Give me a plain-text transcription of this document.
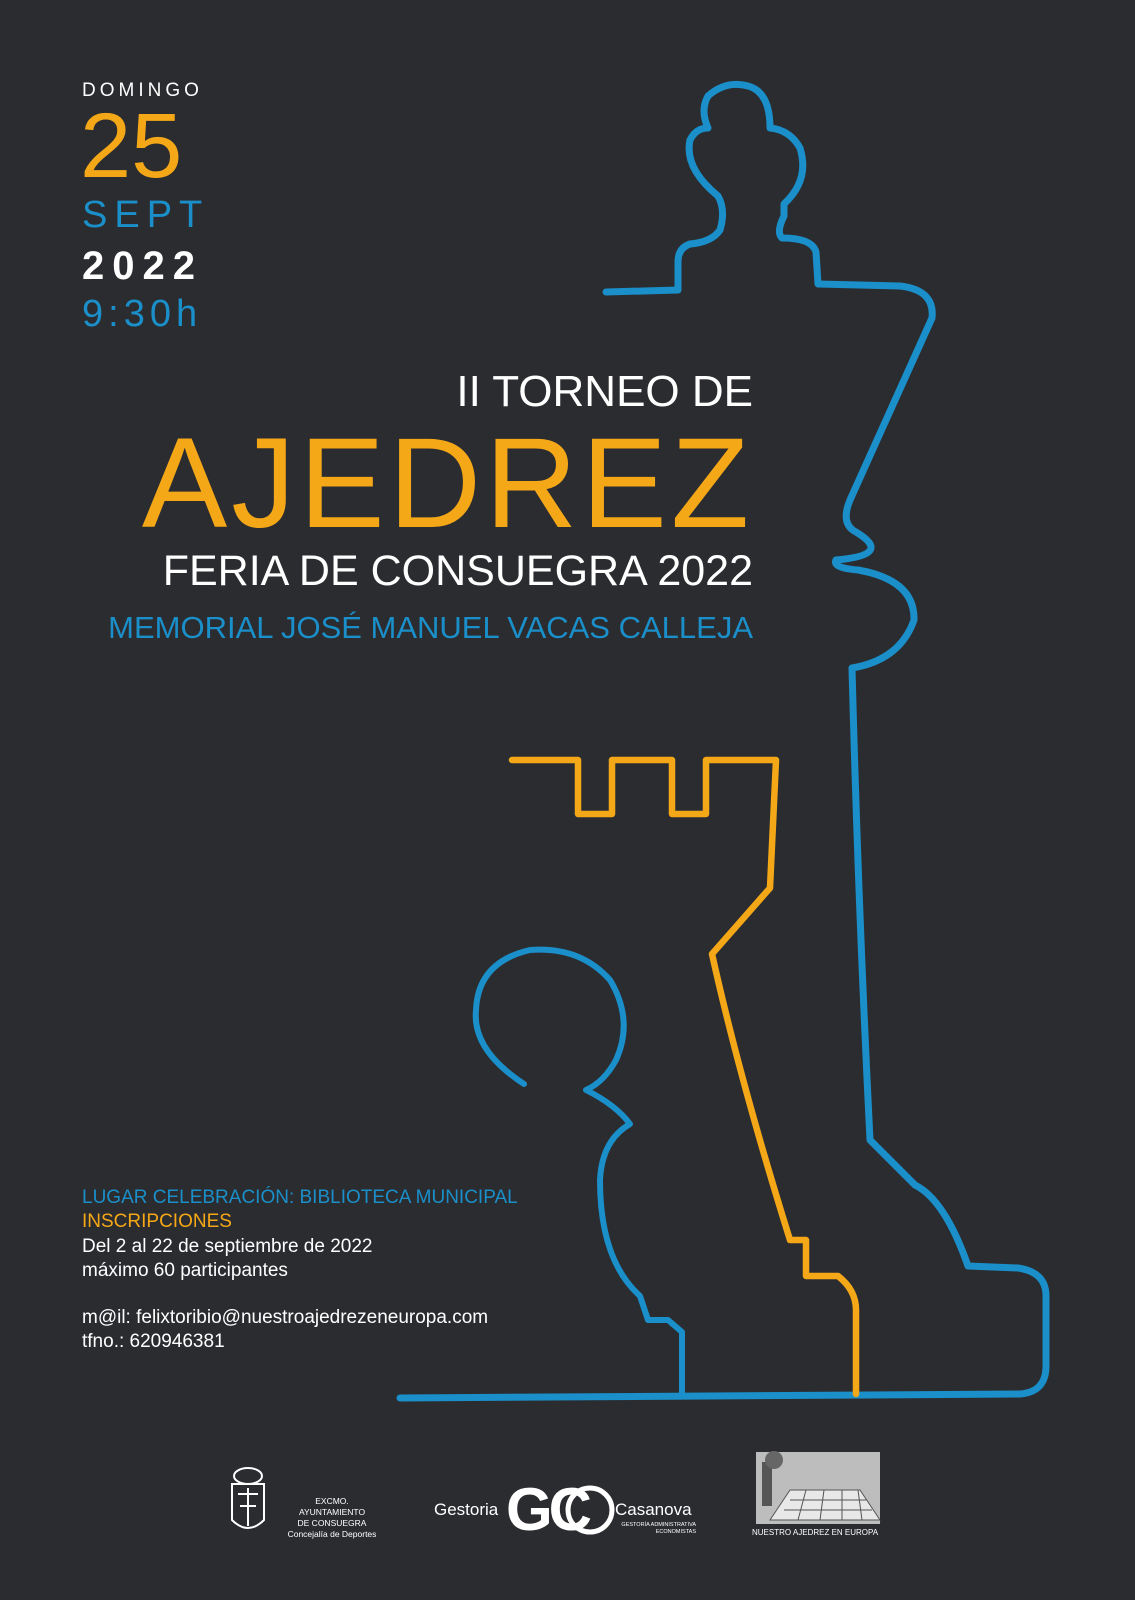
DOMINGO
25
SEPT
2022
9:30h
II TORNEO DE
AJEDREZ
FERIA DE CONSUEGRA 2022
MEMORIAL JOSÉ MANUEL VACAS CALLEJA
LUGAR CELEBRACIÓN: BIBLIOTECA MUNICIPAL
INSCRIPCIONES
Del 2 al 22 de septiembre de 2022
máximo 60 participantes
m@il: felixtoribio@nuestroajedrezeneuropa.com
tfno.: 620946381
EXCMO. AYUNTAMIENTO
DE CONSUEGRA
Concejalía de Deportes
Gestoria GC Casanova
GESTORÍA ADMINISTRATIVA
ECONOMISTAS	NUESTRO AJEDREZ EN EUROPA
